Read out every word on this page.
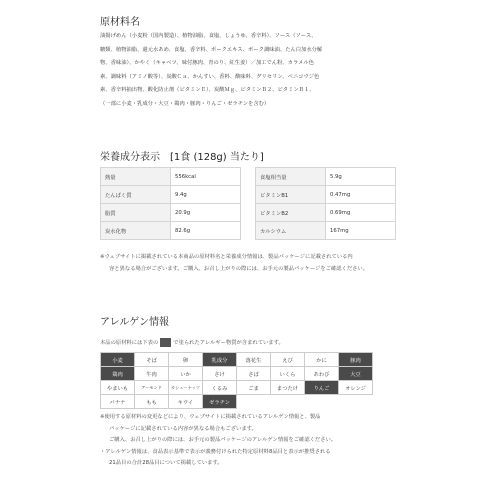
原材料名
油揚げめん（小麦粉（国内製造）、植物油脂、食塩、しょうゆ、香辛料）、ソース（ソース、
糖類、植物油脂、還元水あめ、食塩、香辛料、ポークエキス、ポーク調味油、たん白加水分解
物、香味油）、かやく（キャベツ、味付豚肉、青のり、紅生姜）／加工でん粉、カラメル色
素、調味料（アミノ酸等）、炭酸Ｃａ、かんすい、香料、酸味料、グリセリン、ベニコウジ色
素、香辛料抽出物、酸化防止剤（ビタミンＥ）、炭酸Ｍｇ、ビタミンＢ２、ビタミンＢ１、
（一部に小麦・乳成分・大豆・鶏肉・豚肉・りんご・ゼラチンを含む）
栄養成分表示　[1食 (128g) 当たり]
熱量	556kcal
たんぱく質	9.4g
脂質	20.9g
炭水化物	82.6g
食塩相当量	5.9g
ビタミンB1	0.47mg
ビタミンB2	0.69mg
カルシウム	167mg
※ウェブサイトに掲載されている本商品の原材料名と栄養成分情報は、製品パッケージに記載されている内
容と異なる場合がございます。ご購入、お召し上がりの際には、お手元の製品パッケージをご確認ください。
アレルゲン情報
本品の原材料には下表の	で塗られたアレルギー物質が含まれています。
小麦	そば	卵	乳成分	落花生	えび	かに	豚肉
鶏肉	牛肉	いか	さけ	さば	いくら	あわび	大豆
やまいも	アーモンド	カシューナッツ	くるみ	ごま	まつたけ	りんご	オレンジ
バナナ	もも	キウイ	ゼラチン				
※使用する原材料の変更などにより、ウェブサイトに掲載されているアレルゲン情報と、製品
パッケージに記載されている内容が異なる場合もございます。
ご購入、お召し上がりの際には、お手元の製品パッケージのアレルゲン情報をご確認ください。
・アレルゲン情報は、食品表示基準で表示が義務付けられた特定原材料8品目と表示が推奨される
21品目の合計28品目について掲載しています。
